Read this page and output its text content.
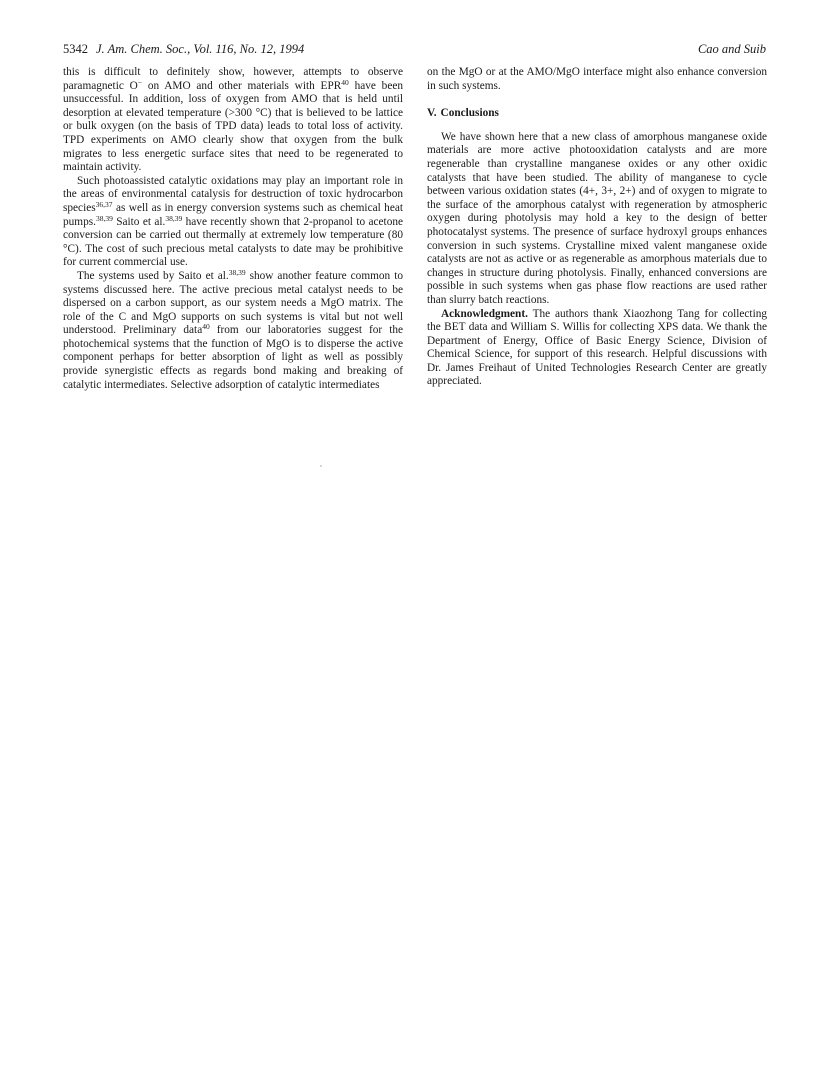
5342 J. Am. Chem. Soc., Vol. 116, No. 12, 1994	Cao and Suib

this is difficult to definitely show, however, attempts to observe paramagnetic O− on AMO and other materials with EPR$^{40}$ have been unsuccessful. In addition, loss of oxygen from AMO that is held until desorption at elevated temperature (>300 °C) that is believed to be lattice or bulk oxygen (on the basis of TPD data) leads to total loss of activity. TPD experiments on AMO clearly show that oxygen from the bulk migrates to less energetic surface sites that need to be regenerated to maintain activity.

Such photoassisted catalytic oxidations may play an important role in the areas of environmental catalysis for destruction of toxic hydrocarbon species$^{36,37}$ as well as in energy conversion systems such as chemical heat pumps.$^{38,39}$ Saito et al.$^{38,39}$ have recently shown that 2-propanol to acetone conversion can be carried out thermally at extremely low temperature (80 °C). The cost of such precious metal catalysts to date may be prohibitive for current commercial use.

The systems used by Saito et al.$^{38,39}$ show another feature common to systems discussed here. The active precious metal catalyst needs to be dispersed on a carbon support, as our system needs a MgO matrix. The role of the C and MgO supports on such systems is vital but not well understood. Preliminary data$^{40}$ from our laboratories suggest for the photochemical systems that the function of MgO is to disperse the active component perhaps for better absorption of light as well as possibly provide synergistic effects as regards bond making and breaking of catalytic intermediates. Selective adsorption of catalytic intermediates

on the MgO or at the AMO/MgO interface might also enhance conversion in such systems.

V. Conclusions

We have shown here that a new class of amorphous manganese oxide materials are more active photooxidation catalysts and are more regenerable than crystalline manganese oxides or any other oxidic catalysts that have been studied. The ability of manganese to cycle between various oxidation states (4+, 3+, 2+) and of oxygen to migrate to the surface of the amorphous catalyst with regeneration by atmospheric oxygen during photolysis may hold a key to the design of better photocatalyst systems. The presence of surface hydroxyl groups enhances conversion in such systems. Crystalline mixed valent manganese oxide catalysts are not as active or as regenerable as amorphous materials due to changes in structure during photolysis. Finally, enhanced conversions are possible in such systems when gas phase flow reactions are used rather than slurry batch reactions.

Acknowledgment. The authors thank Xiaozhong Tang for collecting the BET data and William S. Willis for collecting XPS data. We thank the Department of Energy, Office of Basic Energy Science, Division of Chemical Science, for support of this research. Helpful discussions with Dr. James Freihaut of United Technologies Research Center are greatly appreciated.
